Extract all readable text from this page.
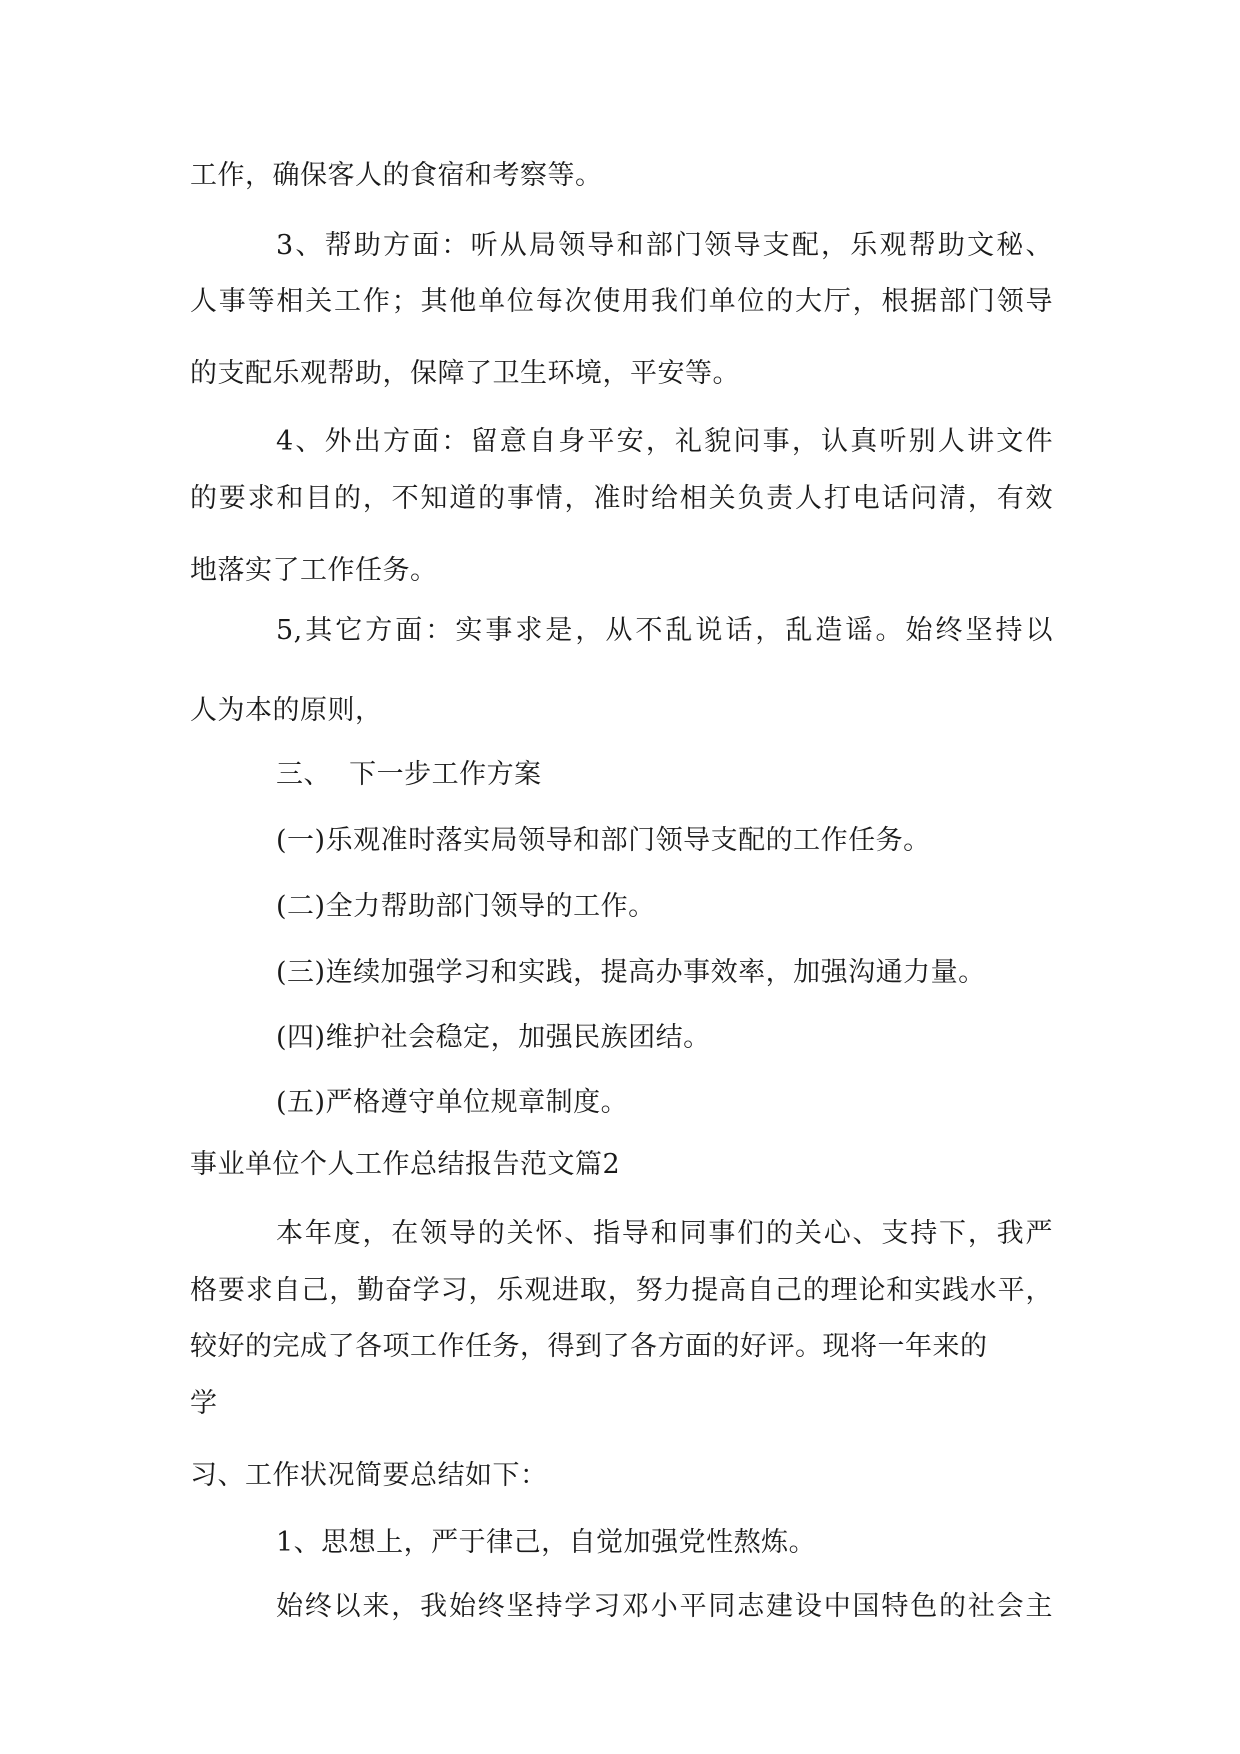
工作，确保客人的食宿和考察等。
3、帮助方面：听从局领导和部门领导支配，乐观帮助文秘、
人事等相关工作；其他单位每次使用我们单位的大厅，根据部门领导
的支配乐观帮助，保障了卫生环境，平安等。
4、外出方面：留意自身平安，礼貌问事，认真听别人讲文件
的要求和目的，不知道的事情，准时给相关负责人打电话问清，有效
地落实了工作任务。
5,其它方面：实事求是，从不乱说话，乱造谣。始终坚持以
人为本的原则，
三、  下一步工作方案
(一)乐观准时落实局领导和部门领导支配的工作任务。
(二)全力帮助部门领导的工作。
(三)连续加强学习和实践，提高办事效率，加强沟通力量。
(四)维护社会稳定，加强民族团结。
(五)严格遵守单位规章制度。
事业单位个人工作总结报告范文篇2
本年度，在领导的关怀、指导和同事们的关心、支持下，我严
格要求自己，勤奋学习，乐观进取，努力提高自己的理论和实践水平，
较好的完成了各项工作任务，得到了各方面的好评。现将一年来的
学
习、工作状况简要总结如下：
1、思想上，严于律己，自觉加强党性熬炼。
始终以来，我始终坚持学习邓小平同志建设中国特色的社会主
